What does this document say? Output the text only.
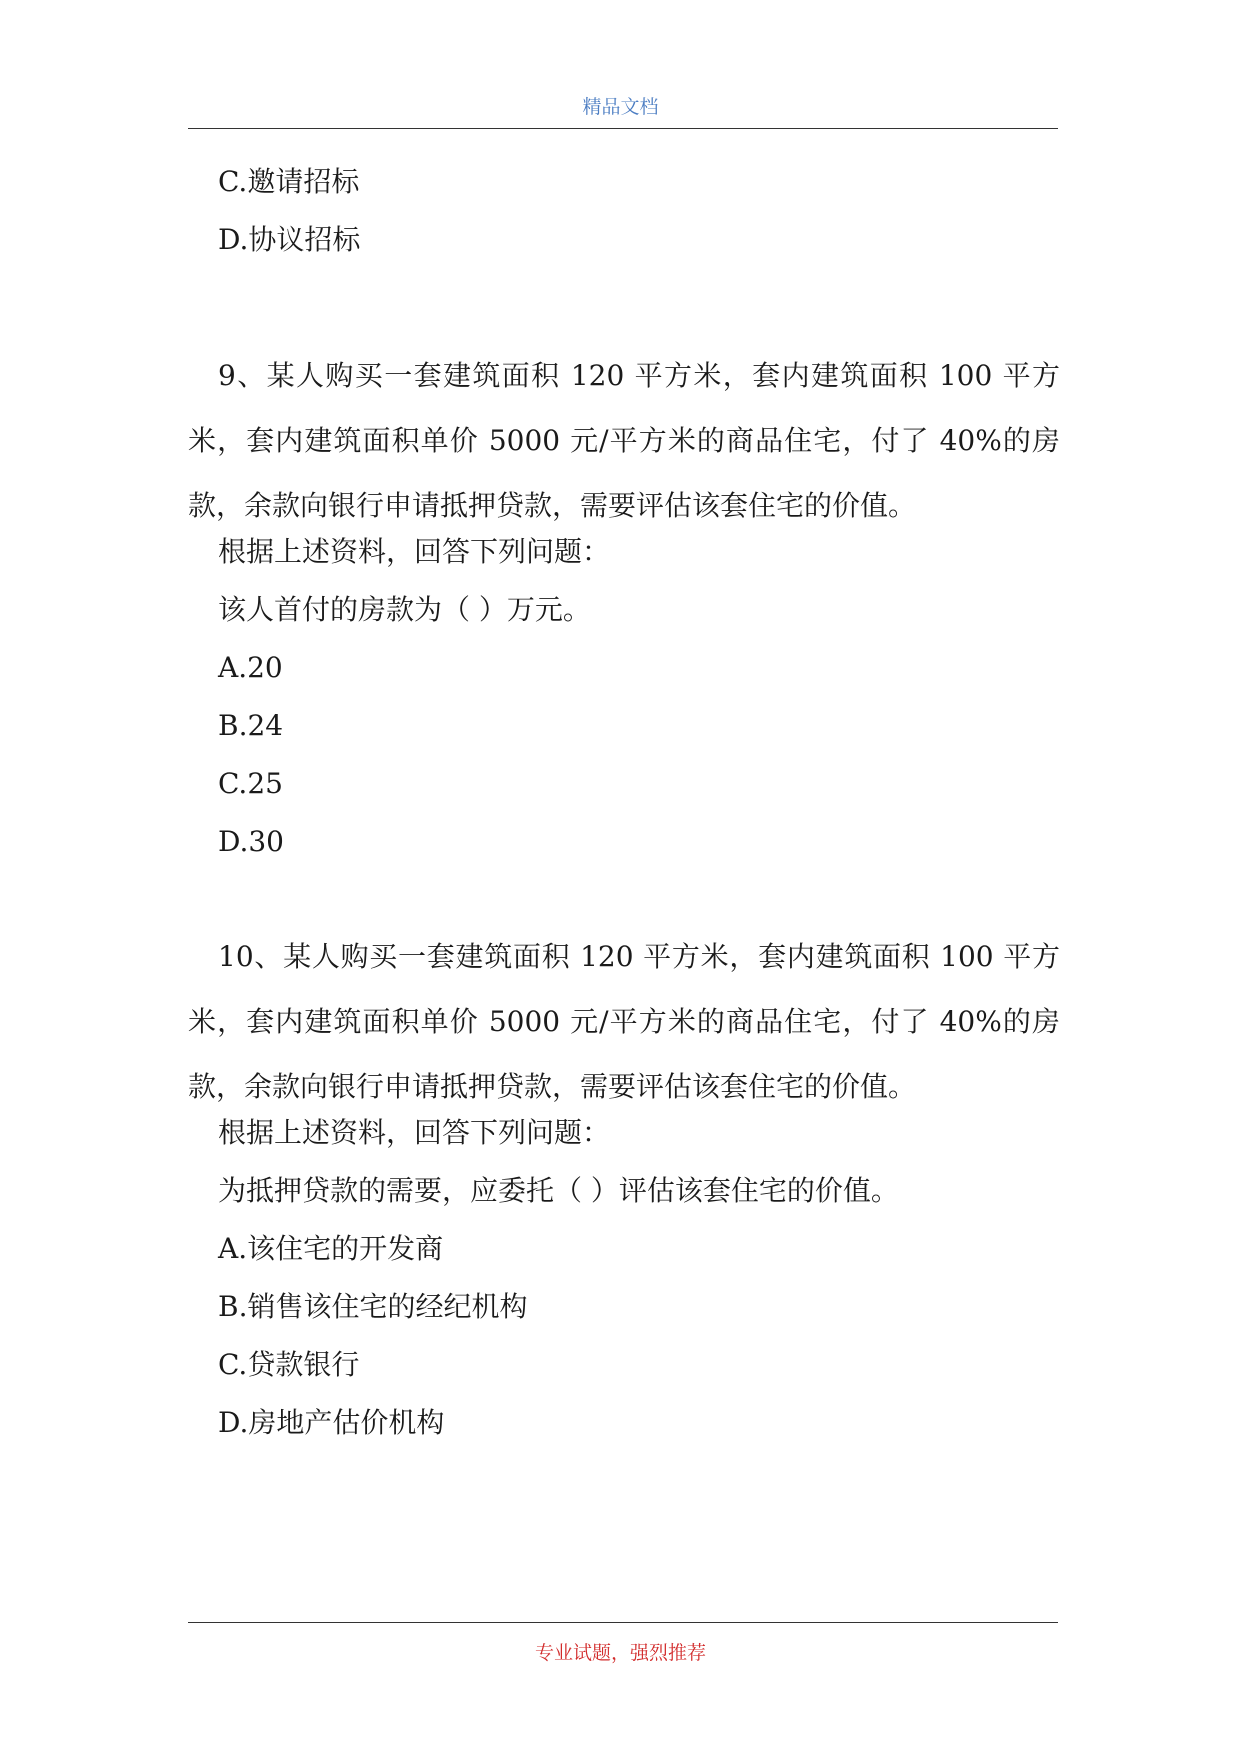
精品文档
C.邀请招标
D.协议招标
9、某人购买一套建筑面积 120 平方米，套内建筑面积 100 平方米，套内建筑面积单价 5000 元/平方米的商品住宅，付了 40%的房款，余款向银行申请抵押贷款，需要评估该套住宅的价值。
根据上述资料，回答下列问题：
该人首付的房款为（ ）万元。
A.20
B.24
C.25
D.30
10、某人购买一套建筑面积 120 平方米，套内建筑面积 100 平方米，套内建筑面积单价 5000 元/平方米的商品住宅，付了 40%的房款，余款向银行申请抵押贷款，需要评估该套住宅的价值。
根据上述资料，回答下列问题：
为抵押贷款的需要，应委托（ ）评估该套住宅的价值。
A.该住宅的开发商
B.销售该住宅的经纪机构
C.贷款银行
D.房地产估价机构
专业试题，强烈推荐
